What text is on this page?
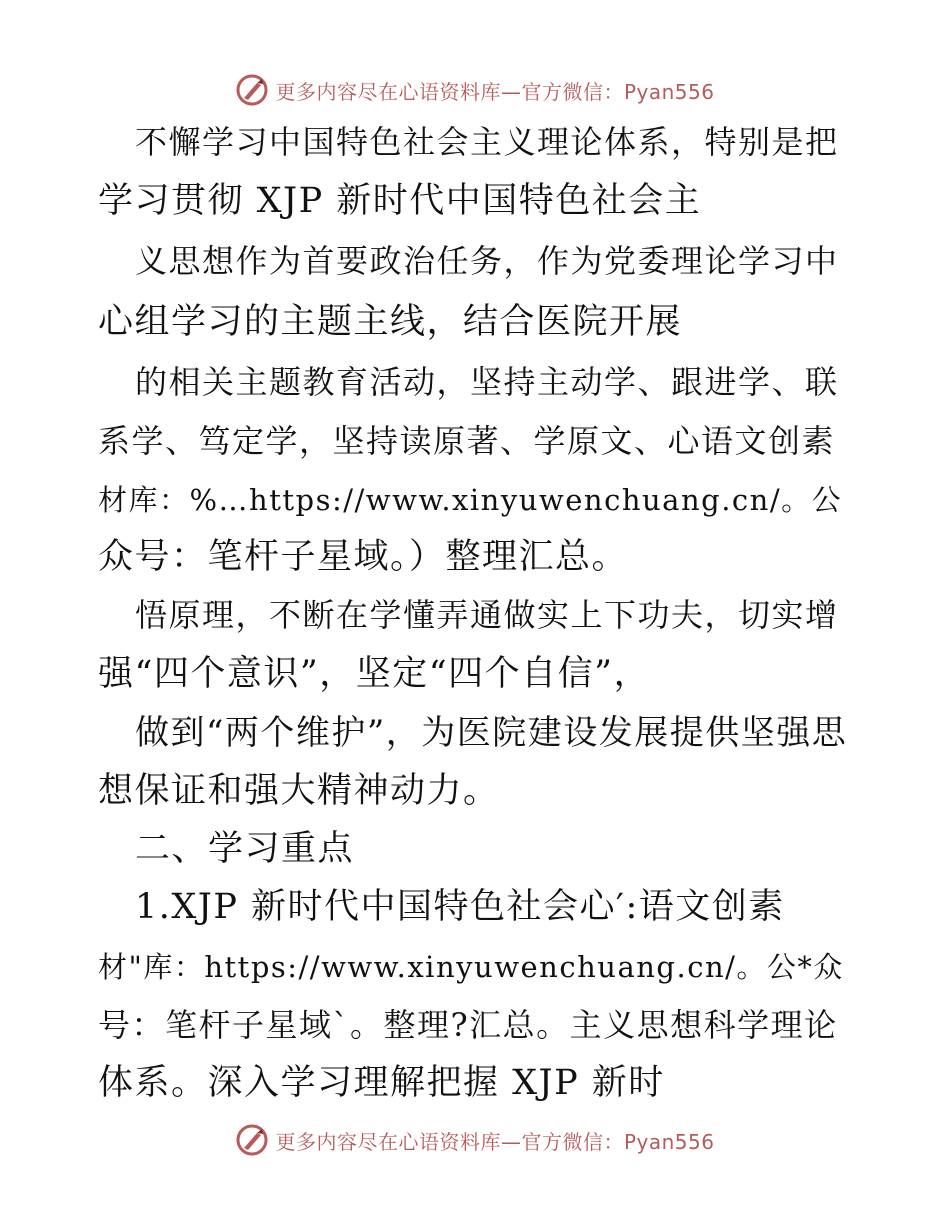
更多内容尽在心语资料库—官方微信：Pyan556
不懈学习中国特色社会主义理论体系，特别是把
学习贯彻 XJP 新时代中国特色社会主
义思想作为首要政治任务，作为党委理论学习中
心组学习的主题主线，结合医院开展
的相关主题教育活动，坚持主动学、跟进学、联
系学、笃定学，坚持读原著、学原文、心语文创素
材库：%…https://www.xinyuwenchuang.cn/。公
众号：笔杆子星域。）整理汇总。
悟原理，不断在学懂弄通做实上下功夫，切实增
强“四个意识”，坚定“四个自信”，
做到“两个维护”，为医院建设发展提供坚强思
想保证和强大精神动力。
二、学习重点
1.XJP 新时代中国特色社会心′:语文创素
材"库：https://www.xinyuwenchuang.cn/。公*众
号：笔杆子星域`。整理?汇总。主义思想科学理论
体系。深入学习理解把握 XJP 新时
更多内容尽在心语资料库—官方微信：Pyan556
